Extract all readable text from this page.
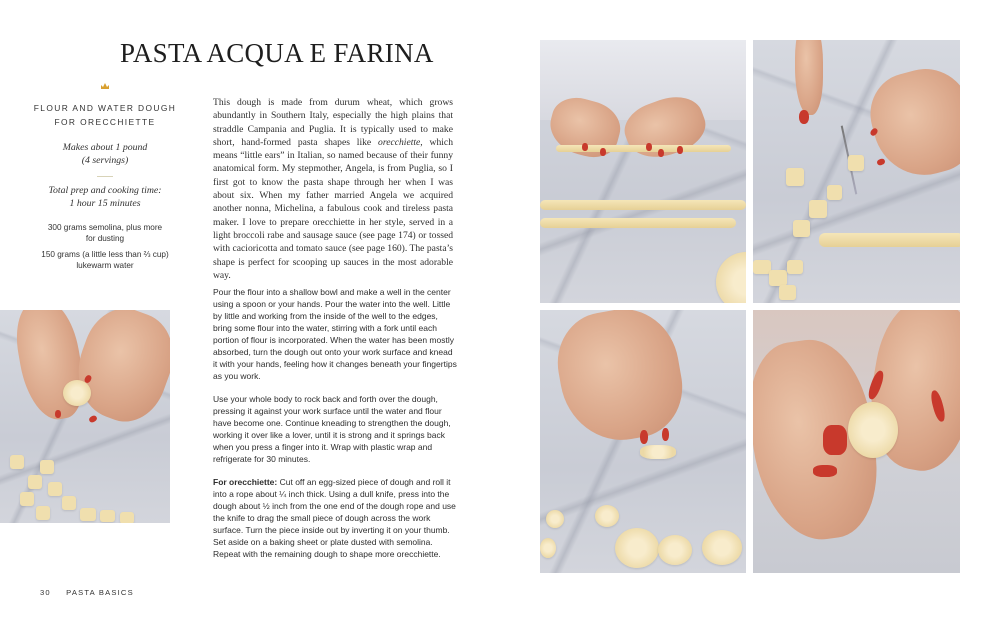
PASTA ACQUA E FARINA
FLOUR AND WATER DOUGH
FOR ORECCHIETTE
Makes about 1 pound
(4 servings)
Total prep and cooking time:
1 hour 15 minutes
300 grams semolina, plus more
for dusting
150 grams (a little less than ⅔ cup)
lukewarm water

This dough is made from durum wheat, which grows abundantly in Southern Italy, especially the high plains that straddle Campania and Puglia. It is typically used to make short, hand-formed pasta shapes like orecchiette, which means “little ears” in Italian, so named because of their funny anatomical form. My stepmother, Angela, is from Puglia, so I first got to know the pasta shape through her when I was about six. When my father married Angela we acquired another nonna, Michelina, a fabulous cook and tireless pasta maker. I love to prepare orecchiette in her style, served in a light broccoli rabe and sausage sauce (see page 174) or tossed with cacioricotta and tomato sauce (see page 160). The pasta’s shape is perfect for scooping up sauces in the most adorable way.

Pour the flour into a shallow bowl and make a well in the center using a spoon or your hands. Pour the water into the well. Little by little and working from the inside of the well to the edges, bring some flour into the water, stirring with a fork until each portion of flour is incorporated. When the water has been mostly absorbed, turn the dough out onto your work surface and knead it with your hands, feeling how it changes beneath your fingertips as you work.

Use your whole body to rock back and forth over the dough, pressing it against your work surface until the water and flour have become one. Continue kneading to strengthen the dough, working it over like a lover, until it is strong and it springs back when you press a finger into it. Wrap with plastic wrap and refrigerate for 30 minutes.

For orecchiette: Cut off an egg-sized piece of dough and roll it into a rope about ¼ inch thick. Using a dull knife, press into the dough about ½ inch from the one end of the dough rope and use the knife to drag the small piece of dough across the work surface. Turn the piece inside out by inverting it on your thumb. Set aside on a baking sheet or plate dusted with semolina. Repeat with the remaining dough to shape more orecchiette.

30 PASTA BASICS
